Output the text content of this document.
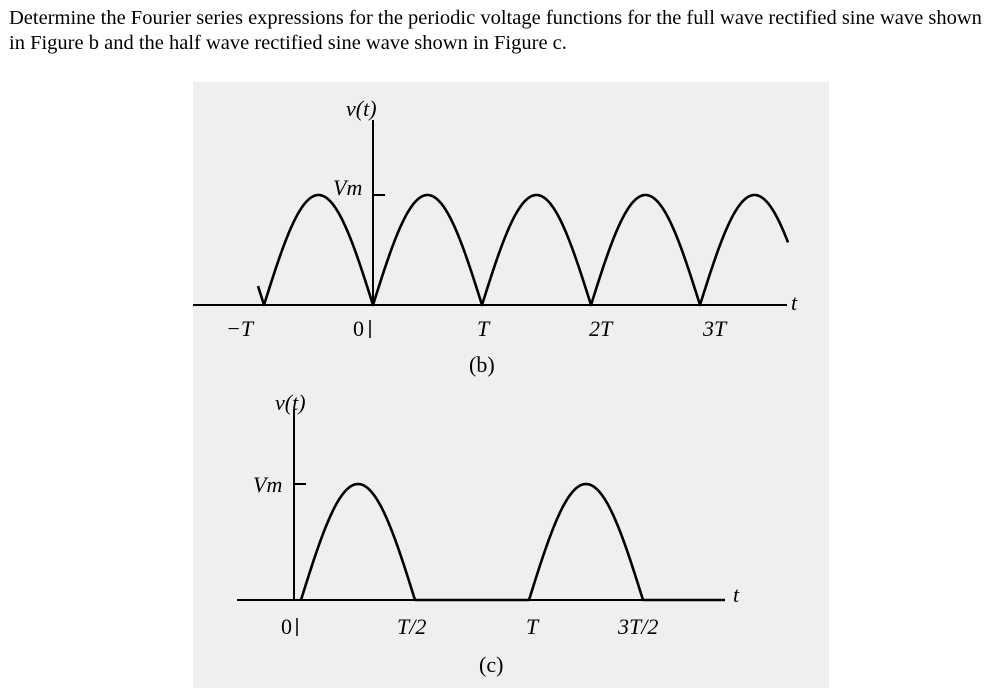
Determine the Fourier series expressions for the periodic voltage functions for the full wave rectified sine wave shown in Figure b and the half wave rectified sine wave shown in Figure c.

v(t)
Vm
t
−T	0	T	2T	3T
(b)
v(t)
Vm
t
0	T/2	T	3T/2
(c)
